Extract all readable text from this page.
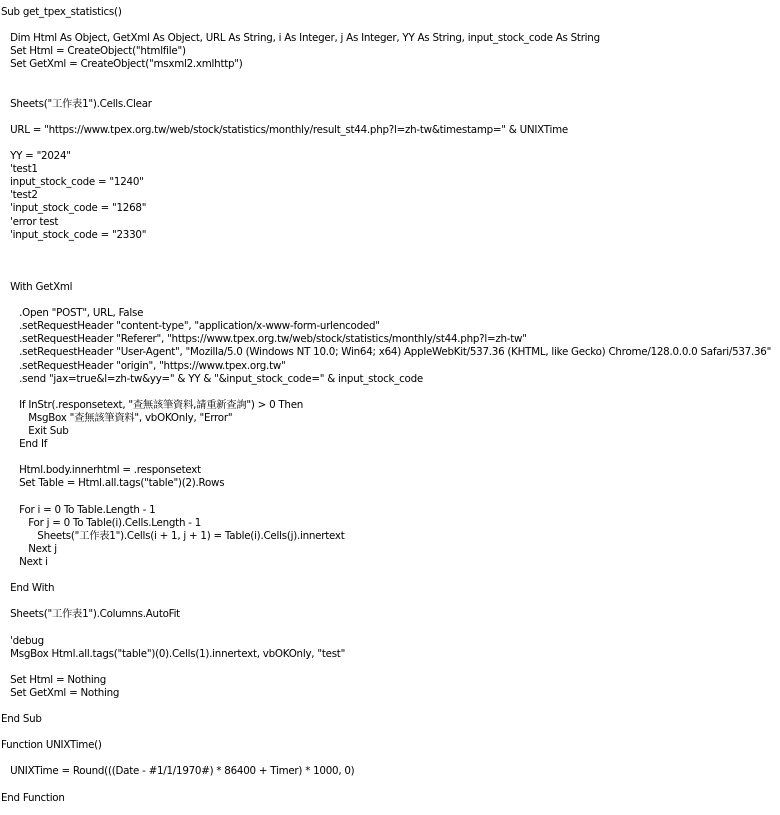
Sub get_tpex_statistics()
Dim Html As Object, GetXml As Object, URL As String, i As Integer, j As Integer, YY As String, input_stock_code As String
Set Html = CreateObject("htmlfile")
Set GetXml = CreateObject("msxml2.xmlhttp")
Sheets("工作表1").Cells.Clear
URL = "https://www.tpex.org.tw/web/stock/statistics/monthly/result_st44.php?l=zh-tw&timestamp=" & UNIXTime
YY = "2024"
'test1
input_stock_code = "1240"
'test2
'input_stock_code = "1268"
'error test
'input_stock_code = "2330"
With GetXml
.Open "POST", URL, False
.setRequestHeader "content-type", "application/x-www-form-urlencoded"
.setRequestHeader "Referer", "https://www.tpex.org.tw/web/stock/statistics/monthly/st44.php?l=zh-tw"
.setRequestHeader "User-Agent", "Mozilla/5.0 (Windows NT 10.0; Win64; x64) AppleWebKit/537.36 (KHTML, like Gecko) Chrome/128.0.0.0 Safari/537.36"
.setRequestHeader "origin", "https://www.tpex.org.tw"
.send "jax=true&l=zh-tw&yy=" & YY & "&input_stock_code=" & input_stock_code
If InStr(.responsetext, "查無該筆資料,請重新查詢") > 0 Then
MsgBox "查無該筆資料", vbOKOnly, "Error"
Exit Sub
End If
Html.body.innerhtml = .responsetext
Set Table = Html.all.tags("table")(2).Rows
For i = 0 To Table.Length - 1
For j = 0 To Table(i).Cells.Length - 1
Sheets("工作表1").Cells(i + 1, j + 1) = Table(i).Cells(j).innertext
Next j
Next i
End With
Sheets("工作表1").Columns.AutoFit
'debug
MsgBox Html.all.tags("table")(0).Cells(1).innertext, vbOKOnly, "test"
Set Html = Nothing
Set GetXml = Nothing
End Sub
Function UNIXTime()
UNIXTime = Round(((Date - #1/1/1970#) * 86400 + Timer) * 1000, 0)
End Function
